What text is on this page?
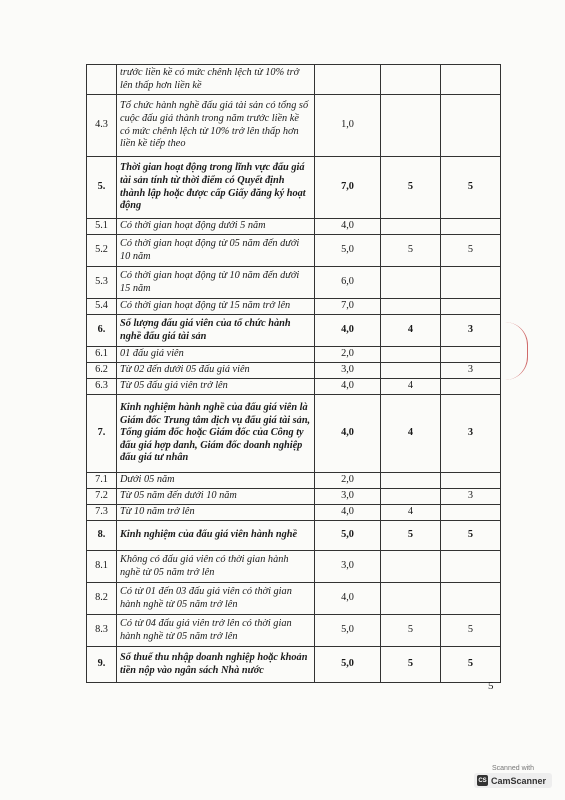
	trước liền kề có mức chênh lệch từ 10% trở lên thấp hơn liền kề			
4.3	Tổ chức hành nghề đấu giá tài sản có tổng số cuộc đấu giá thành trong năm trước liền kề có mức chênh lệch từ 10% trở lên thấp hơn liền kề tiếp theo	1,0		
5.	Thời gian hoạt động trong lĩnh vực đấu giá tài sản tính từ thời điểm có Quyết định thành lập hoặc được cấp Giấy đăng ký hoạt động	7,0	5	5
5.1	Có thời gian hoạt động dưới 5 năm	4,0		
5.2	Có thời gian hoạt động từ 05 năm đến dưới 10 năm	5,0	5	5
5.3	Có thời gian hoạt động từ 10 năm đến dưới 15 năm	6,0		
5.4	Có thời gian hoạt động từ 15 năm trở lên	7,0		
6.	Số lượng đấu giá viên của tổ chức hành nghề đấu giá tài sản	4,0	4	3
6.1	01 đấu giá viên	2,0		
6.2	Từ 02 đến dưới 05 đấu giá viên	3,0		3
6.3	Từ 05 đấu giá viên trở lên	4,0	4	
7.	Kinh nghiệm hành nghề của đấu giá viên là Giám đốc Trung tâm dịch vụ đấu giá tài sản, Tổng giám đốc hoặc Giám đốc của Công ty đấu giá hợp danh, Giám đốc doanh nghiệp đấu giá tư nhân	4,0	4	3
7.1	Dưới 05 năm	2,0		
7.2	Từ 05 năm đến dưới 10 năm	3,0		3
7.3	Từ 10 năm trở lên	4,0	4	
8.	Kinh nghiệm của đấu giá viên hành nghề	5,0	5	5
8.1	Không có đấu giá viên có thời gian hành nghề từ 05 năm trở lên	3,0		
8.2	Có từ 01 đến 03 đấu giá viên có thời gian hành nghề từ 05 năm trở lên	4,0		
8.3	Có từ 04 đấu giá viên trở lên có thời gian hành nghề từ 05 năm trở lên	5,0	5	5
9.	Số thuế thu nhập doanh nghiệp hoặc khoản tiền nộp vào ngân sách Nhà nước	5,0	5	5
5
Scanned with
CS CamScanner
